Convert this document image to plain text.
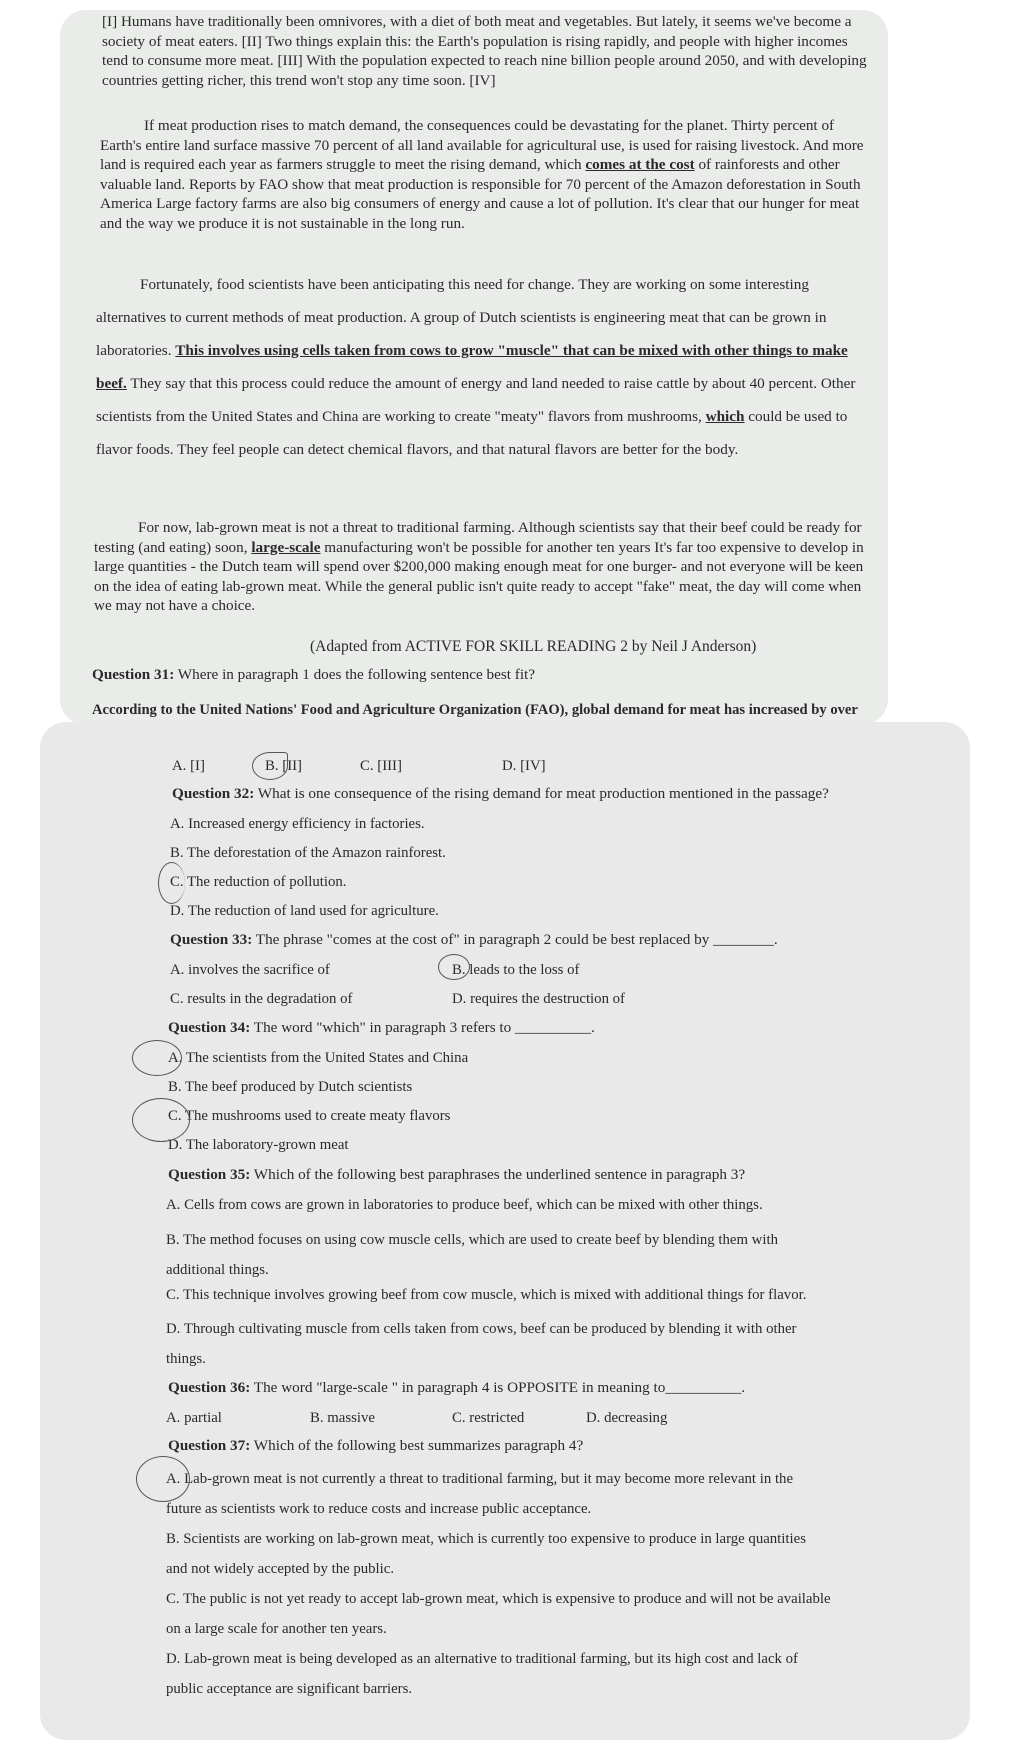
[I] Humans have traditionally been omnivores, with a diet of both meat and vegetables. But lately, it seems we've become a society of meat eaters. [II] Two things explain this: the Earth's population is rising rapidly, and people with higher incomes tend to consume more meat. [III] With the population expected to reach nine billion people around 2050, and with developing countries getting richer, this trend won't stop any time soon. [IV]

If meat production rises to match demand, the consequences could be devastating for the planet. Thirty percent of Earth's entire land surface massive 70 percent of all land available for agricultural use, is used for raising livestock. And more land is required each year as farmers struggle to meet the rising demand, which comes at the cost of rainforests and other valuable land. Reports by FAO show that meat production is responsible for 70 percent of the Amazon deforestation in South America Large factory farms are also big consumers of energy and cause a lot of pollution. It's clear that our hunger for meat and the way we produce it is not sustainable in the long run.

Fortunately, food scientists have been anticipating this need for change. They are working on some interesting alternatives to current methods of meat production. A group of Dutch scientists is engineering meat that can be grown in laboratories. This involves using cells taken from cows to grow "muscle" that can be mixed with other things to make beef. They say that this process could reduce the amount of energy and land needed to raise cattle by about 40 percent. Other scientists from the United States and China are working to create "meaty" flavors from mushrooms, which could be used to flavor foods. They feel people can detect chemical flavors, and that natural flavors are better for the body.

For now, lab-grown meat is not a threat to traditional farming. Although scientists say that their beef could be ready for testing (and eating) soon, large-scale manufacturing won't be possible for another ten years It's far too expensive to develop in large quantities - the Dutch team will spend over $200,000 making enough meat for one burger- and not everyone will be keen on the idea of eating lab-grown meat. While the general public isn't quite ready to accept "fake" meat, the day will come when we may not have a choice.

(Adapted from ACTIVE FOR SKILL READING 2 by Neil J Anderson)

Question 31: Where in paragraph 1 does the following sentence best fit?

According to the United Nations' Food and Agriculture Organization (FAO), global demand for meat has increased by over

A. [I]	B. [II]	C. [III]	D. [IV]

Question 32: What is one consequence of the rising demand for meat production mentioned in the passage?

A. Increased energy efficiency in factories.

B. The deforestation of the Amazon rainforest.

C. The reduction of pollution.

D. The reduction of land used for agriculture.

Question 33: The phrase "comes at the cost of" in paragraph 2 could be best replaced by ________.

A. involves the sacrifice of	B. leads to the loss of

C. results in the degradation of	D. requires the destruction of

Question 34: The word "which" in paragraph 3 refers to __________.

A. The scientists from the United States and China

B. The beef produced by Dutch scientists

C. The mushrooms used to create meaty flavors

D. The laboratory-grown meat

Question 35: Which of the following best paraphrases the underlined sentence in paragraph 3?

A. Cells from cows are grown in laboratories to produce beef, which can be mixed with other things.

B. The method focuses on using cow muscle cells, which are used to create beef by blending them with additional things.

C. This technique involves growing beef from cow muscle, which is mixed with additional things for flavor.

D. Through cultivating muscle from cells taken from cows, beef can be produced by blending it with other things.

Question 36: The word "large-scale " in paragraph 4 is OPPOSITE in meaning to__________.

A. partial	B. massive	C. restricted	D. decreasing

Question 37: Which of the following best summarizes paragraph 4?

A. Lab-grown meat is not currently a threat to traditional farming, but it may become more relevant in the future as scientists work to reduce costs and increase public acceptance.

B. Scientists are working on lab-grown meat, which is currently too expensive to produce in large quantities and not widely accepted by the public.

C. The public is not yet ready to accept lab-grown meat, which is expensive to produce and will not be available on a large scale for another ten years.

D. Lab-grown meat is being developed as an alternative to traditional farming, but its high cost and lack of public acceptance are significant barriers.
